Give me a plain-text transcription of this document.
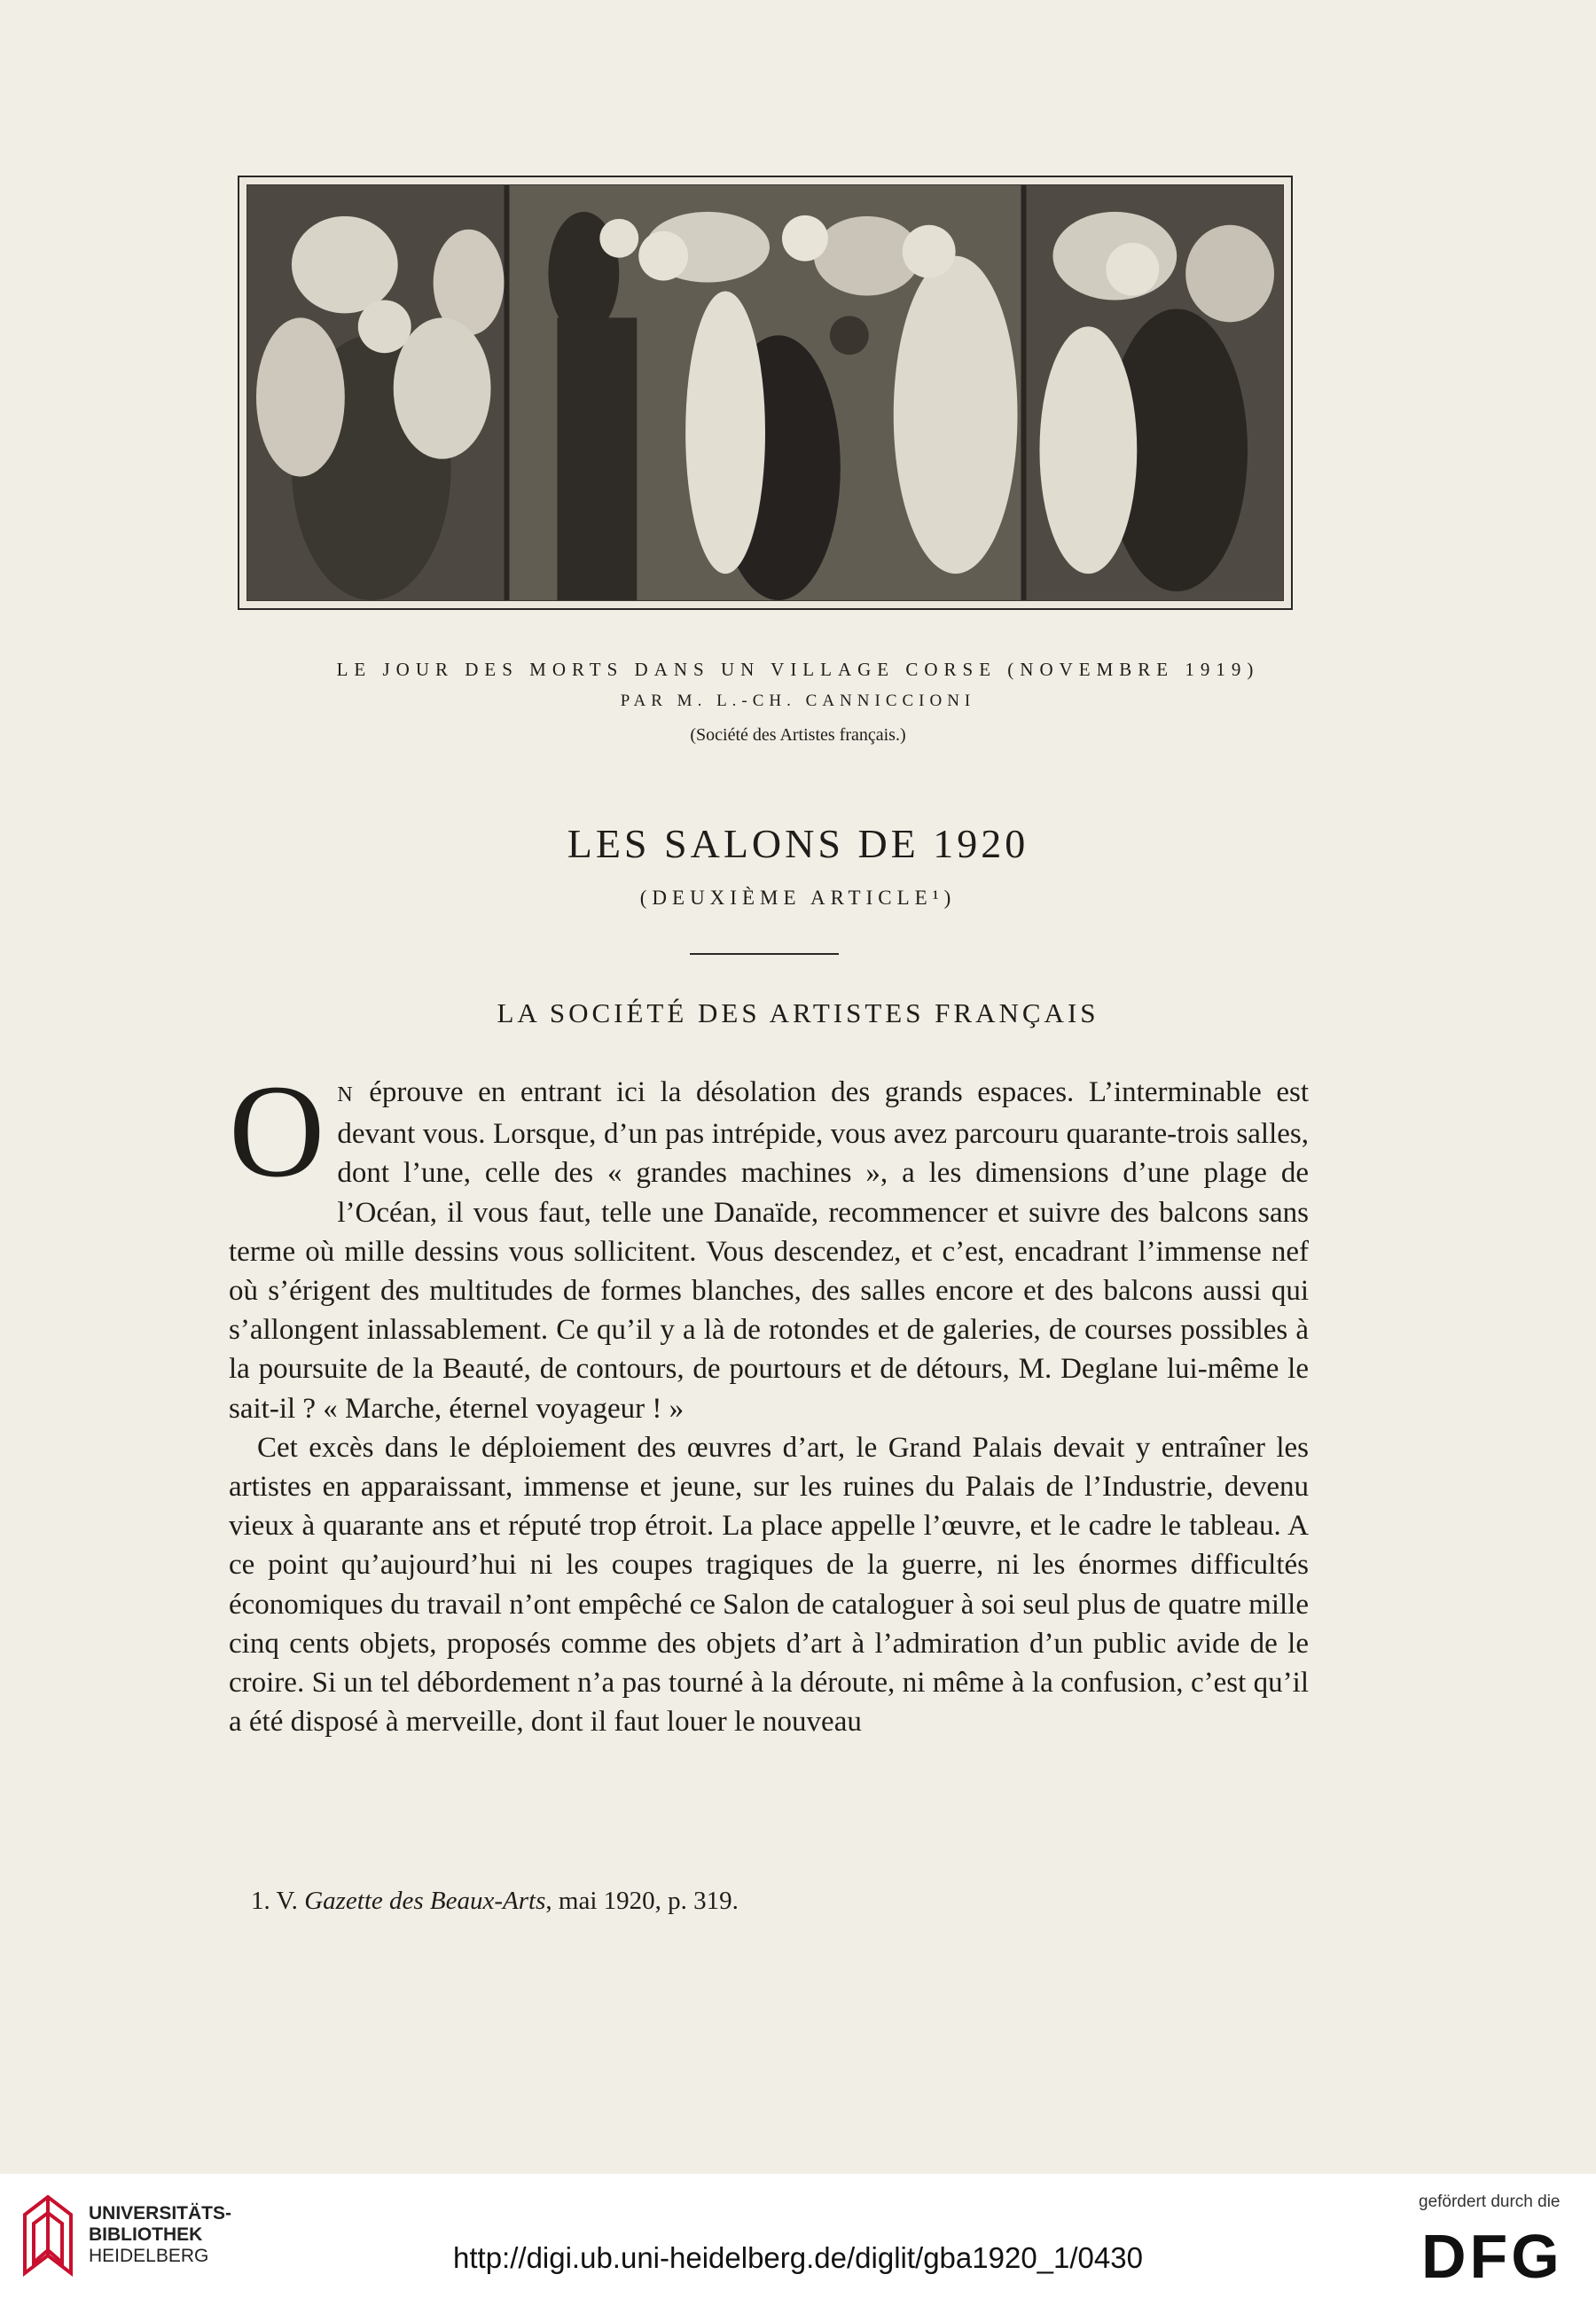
LE JOUR DES MORTS DANS UN VILLAGE CORSE (NOVEMBRE 1919)
PAR M. L.-CH. CANNICCIONI
(Société des Artistes français.)
LES SALONS DE 1920
(DEUXIÈME ARTICLE¹)
LA SOCIÉTÉ DES ARTISTES FRANÇAIS

ON éprouve en entrant ici la désolation des grands espaces. L’interminable est devant vous. Lorsque, d’un pas intrépide, vous avez parcouru quarante-trois salles, dont l’une, celle des « grandes machines », a les dimensions d’une plage de l’Océan, il vous faut, telle une Danaïde, recommencer et suivre des balcons sans terme où mille dessins vous sollicitent. Vous descendez, et c’est, encadrant l’immense nef où s’érigent des multitudes de formes blanches, des salles encore et des balcons aussi qui s’allongent inlassablement. Ce qu’il y a là de rotondes et de galeries, de courses possibles à la poursuite de la Beauté, de contours, de pourtours et de détours, M. Deglane lui-même le sait-il ? « Marche, éternel voyageur ! »

Cet excès dans le déploiement des œuvres d’art, le Grand Palais devait y entraîner les artistes en apparaissant, immense et jeune, sur les ruines du Palais de l’Industrie, devenu vieux à quarante ans et réputé trop étroit. La place appelle l’œuvre, et le cadre le tableau. A ce point qu’aujourd’hui ni les coupes tragiques de la guerre, ni les énormes difficultés économiques du travail n’ont empêché ce Salon de cataloguer à soi seul plus de quatre mille cinq cents objets, proposés comme des objets d’art à l’admiration d’un public avide de le croire. Si un tel débordement n’a pas tourné à la déroute, ni même à la confusion, c’est qu’il a été disposé à merveille, dont il faut louer le nouveau

1. V. Gazette des Beaux-Arts, mai 1920, p. 319.
UNIVERSITÄTS-
BIBLIOTHEK
HEIDELBERG	http://digi.ub.uni-heidelberg.de/diglit/gba1920_1/0430
gefördert durch die
DFG
